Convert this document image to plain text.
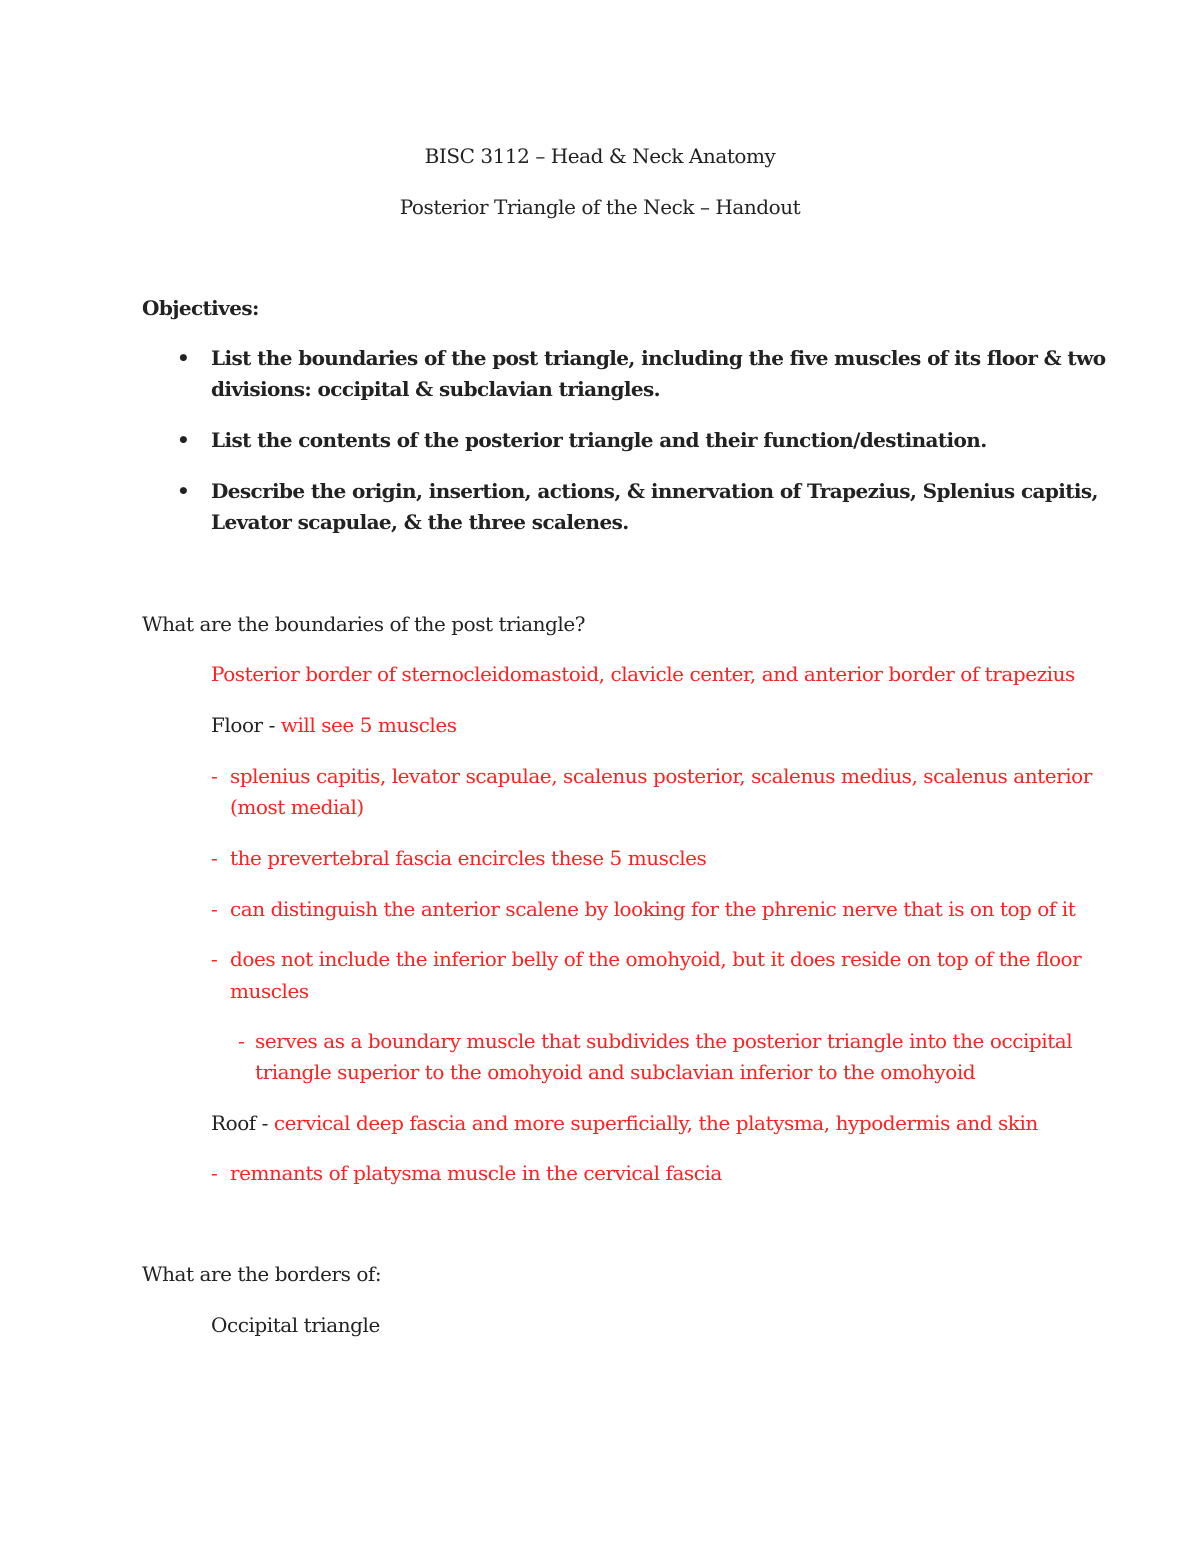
BISC 3112 – Head & Neck Anatomy
Posterior Triangle of the Neck – Handout
Objectives:
• List the boundaries of the post triangle, including the five muscles of its floor & two
divisions: occipital & subclavian triangles.
• List the contents of the posterior triangle and their function/destination.
• Describe the origin, insertion, actions, & innervation of Trapezius, Splenius capitis,
Levator scapulae, & the three scalenes.
What are the boundaries of the post triangle?
Posterior border of sternocleidomastoid, clavicle center, and anterior border of trapezius
Floor - will see 5 muscles
- splenius capitis, levator scapulae, scalenus posterior, scalenus medius, scalenus anterior
(most medial)
- the prevertebral fascia encircles these 5 muscles
- can distinguish the anterior scalene by looking for the phrenic nerve that is on top of it
- does not include the inferior belly of the omohyoid, but it does reside on top of the floor
muscles
- serves as a boundary muscle that subdivides the posterior triangle into the occipital
triangle superior to the omohyoid and subclavian inferior to the omohyoid
Roof - cervical deep fascia and more superficially, the platysma, hypodermis and skin
- remnants of platysma muscle in the cervical fascia
What are the borders of:
Occipital triangle
